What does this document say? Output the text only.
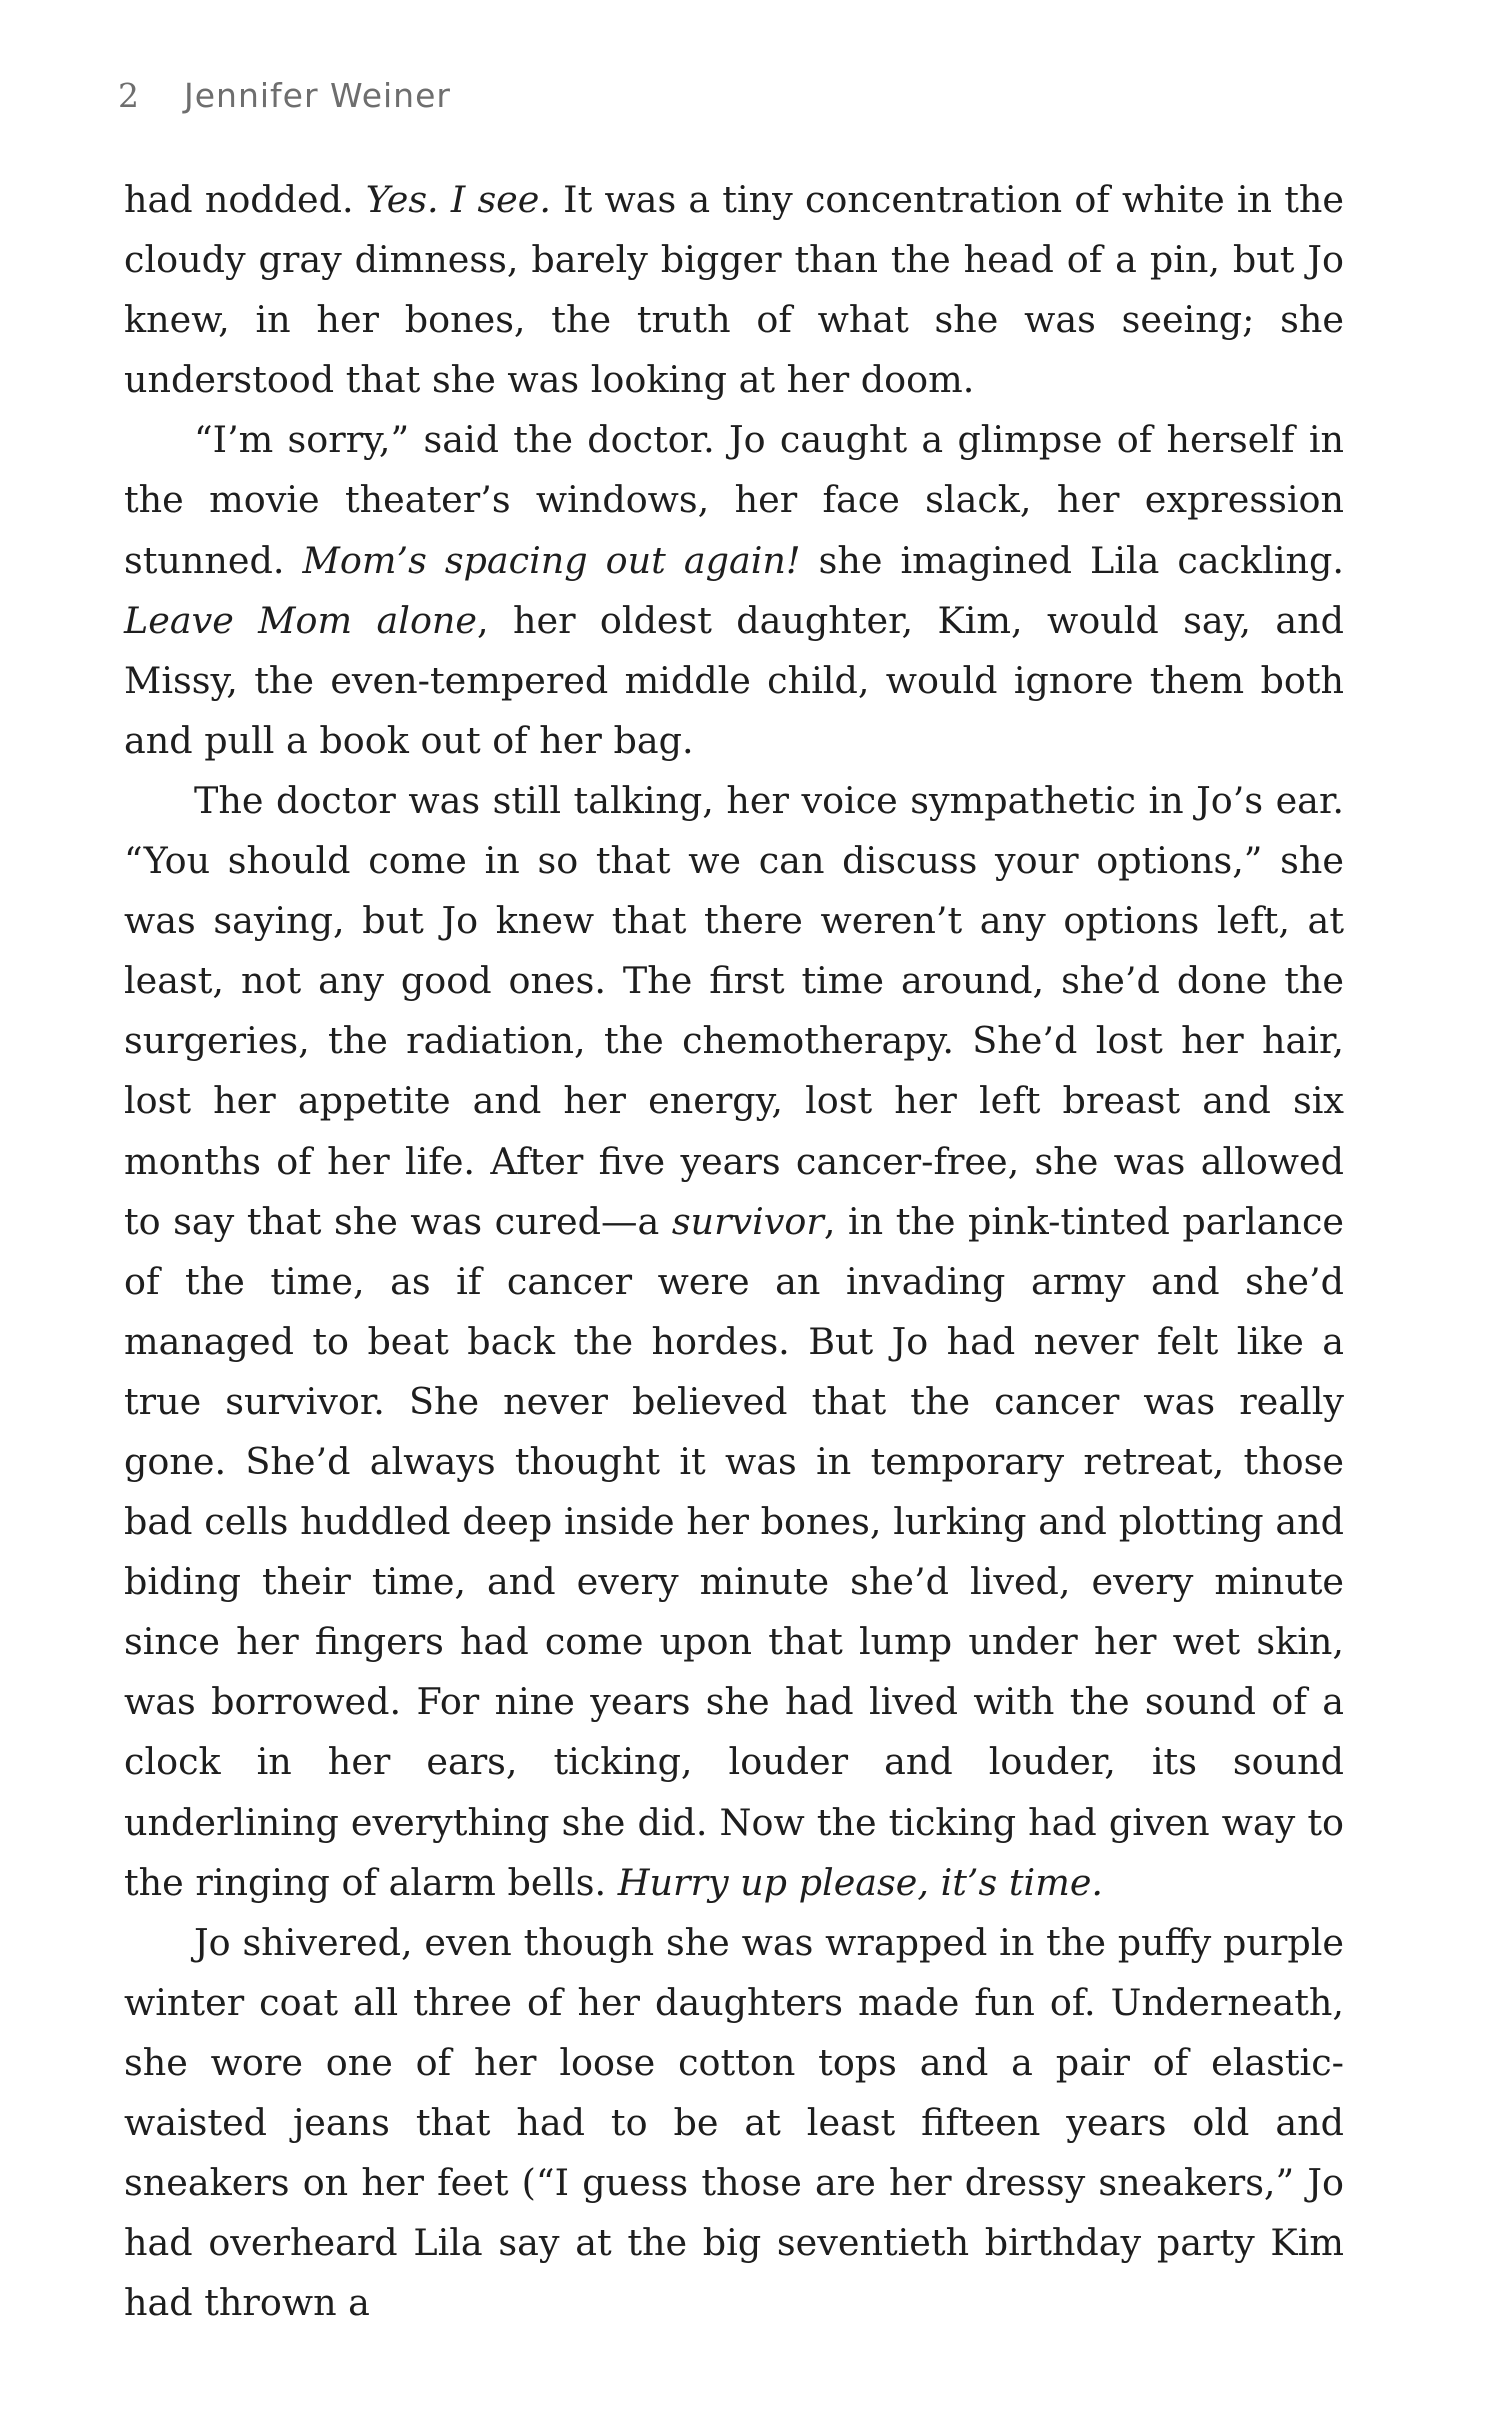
2 Jennifer Weiner

had nodded. Yes. I see. It was a tiny concentration of white in the cloudy gray dimness, barely bigger than the head of a pin, but Jo knew, in her bones, the truth of what she was seeing; she understood that she was looking at her doom.

“I’m sorry,” said the doctor. Jo caught a glimpse of herself in the movie theater’s windows, her face slack, her expression stunned. Mom’s spacing out again! she imagined Lila cackling. Leave Mom alone, her oldest daughter, Kim, would say, and Missy, the even-tempered middle child, would ignore them both and pull a book out of her bag.

The doctor was still talking, her voice sympathetic in Jo’s ear. “You should come in so that we can discuss your options,” she was saying, but Jo knew that there weren’t any options left, at least, not any good ones. The first time around, she’d done the surgeries, the radiation, the chemotherapy. She’d lost her hair, lost her appetite and her energy, lost her left breast and six months of her life. After five years cancer-free, she was allowed to say that she was cured—a survivor, in the pink-tinted parlance of the time, as if cancer were an invading army and she’d managed to beat back the hordes. But Jo had never felt like a true survivor. She never believed that the cancer was really gone. She’d always thought it was in temporary retreat, those bad cells huddled deep inside her bones, lurking and plotting and biding their time, and every minute she’d lived, every minute since her fingers had come upon that lump under her wet skin, was borrowed. For nine years she had lived with the sound of a clock in her ears, ticking, louder and louder, its sound underlining everything she did. Now the ticking had given way to the ringing of alarm bells. Hurry up please, it’s time.

Jo shivered, even though she was wrapped in the puffy purple winter coat all three of her daughters made fun of. Underneath, she wore one of her loose cotton tops and a pair of elastic-waisted jeans that had to be at least fifteen years old and sneakers on her feet (“I guess those are her dressy sneakers,” Jo had overheard Lila say at the big seventieth birthday party Kim had thrown a
